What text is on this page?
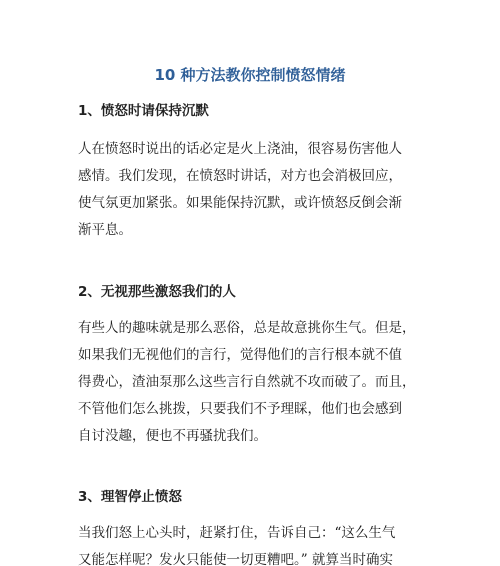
10 种方法教你控制愤怒情绪
1、愤怒时请保持沉默
人在愤怒时说出的话必定是火上浇油，很容易伤害他人
感情。我们发现，在愤怒时讲话，对方也会消极回应，
使气氛更加紧张。如果能保持沉默，或许愤怒反倒会渐
渐平息。
2、无视那些激怒我们的人
有些人的趣味就是那么恶俗，总是故意挑你生气。但是，
如果我们无视他们的言行，觉得他们的言行根本就不值
得费心，渣油泵那么这些言行自然就不攻而破了。而且，
不管他们怎么挑拨，只要我们不予理睬，他们也会感到
自讨没趣，便也不再骚扰我们。
3、理智停止愤怒
当我们怒上心头时，赶紧打住，告诉自己：“这么生气
又能怎样呢？发火只能使一切更糟吧。” 就算当时确实
